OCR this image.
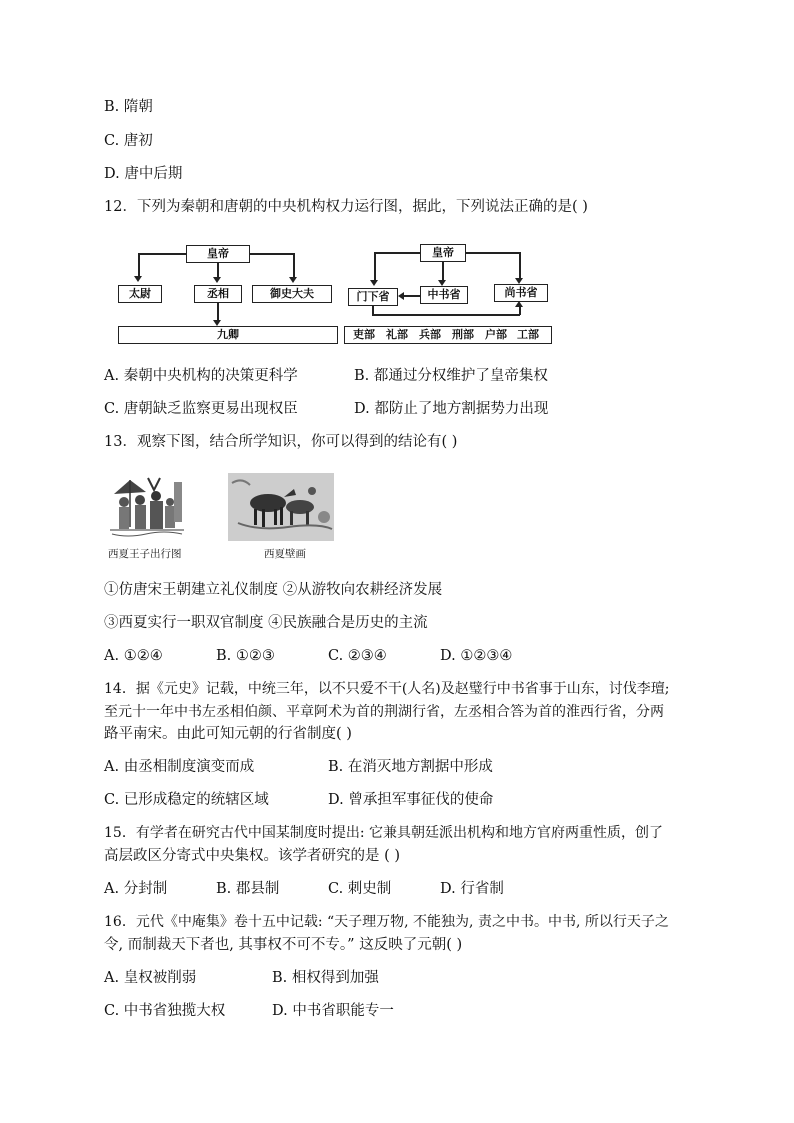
B. 隋朝
C. 唐初
D. 唐中后期
12．下列为秦朝和唐朝的中央机构权力运行图，据此，下列说法正确的是( )
皇帝
太尉	丞相	御史大夫
九卿
皇帝
门下省	中书省	尚书省
吏部 礼部 兵部 刑部 户部 工部
A. 秦朝中央机构的决策更科学	B. 都通过分权维护了皇帝集权
C. 唐朝缺乏监察更易出现权臣	D. 都防止了地方割据势力出现
13．观察下图，结合所学知识，你可以得到的结论有( )
西夏王子出行图	西夏壁画
①仿唐宋王朝建立礼仪制度 ②从游牧向农耕经济发展
③西夏实行一职双官制度 ④民族融合是历史的主流
A. ①②④	B. ①②③	C. ②③④	D. ①②③④
14．据《元史》记载，中统三年，以不只爱不干(人名)及赵璧行中书省事于山东，讨伐李璮;
至元十一年中书左丞相伯颜、平章阿术为首的荆湖行省，左丞相合答为首的淮西行省，分两
路平南宋。由此可知元朝的行省制度( )
A. 由丞相制度演变而成	B. 在消灭地方割据中形成
C. 已形成稳定的统辖区域	D. 曾承担军事征伐的使命
15．有学者在研究古代中国某制度时提出: 它兼具朝廷派出机构和地方官府两重性质，创了
高层政区分寄式中央集权。该学者研究的是 ( )
A. 分封制	B. 郡县制	C. 刺史制	D. 行省制
16．元代《中庵集》卷十五中记载: “天子理万物, 不能独为, 责之中书。中书, 所以行天子之
令, 而制裁天下者也, 其事权不可不专。” 这反映了元朝( )
A. 皇权被削弱	B. 相权得到加强
C. 中书省独揽大权	D. 中书省职能专一
